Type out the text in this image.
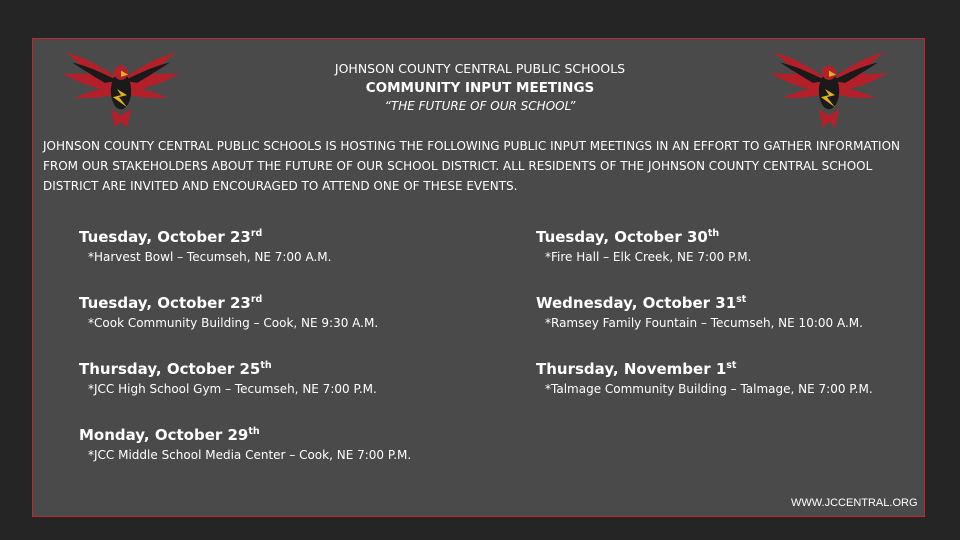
JOHNSON COUNTY CENTRAL PUBLIC SCHOOLS
COMMUNITY INPUT MEETINGS
“THE FUTURE OF OUR SCHOOL”
JOHNSON COUNTY CENTRAL PUBLIC SCHOOLS IS HOSTING THE FOLLOWING PUBLIC INPUT MEETINGS IN AN EFFORT TO GATHER INFORMATION FROM OUR STAKEHOLDERS ABOUT THE FUTURE OF OUR SCHOOL DISTRICT. ALL RESIDENTS OF THE JOHNSON COUNTY CENTRAL SCHOOL DISTRICT ARE INVITED AND ENCOURAGED TO ATTEND ONE OF THESE EVENTS.
Tuesday, October 23rd
*Harvest Bowl – Tecumseh, NE 7:00 A.M.
Tuesday, October 23rd
*Cook Community Building – Cook, NE 9:30 A.M.
Thursday, October 25th
*JCC High School Gym – Tecumseh, NE 7:00 P.M.
Monday, October 29th
*JCC Middle School Media Center – Cook, NE 7:00 P.M.
Tuesday, October 30th
*Fire Hall – Elk Creek, NE 7:00 P.M.
Wednesday, October 31st
*Ramsey Family Fountain – Tecumseh, NE 10:00 A.M.
Thursday, November 1st
*Talmage Community Building – Talmage, NE 7:00 P.M.
WWW.JCCENTRAL.ORG
